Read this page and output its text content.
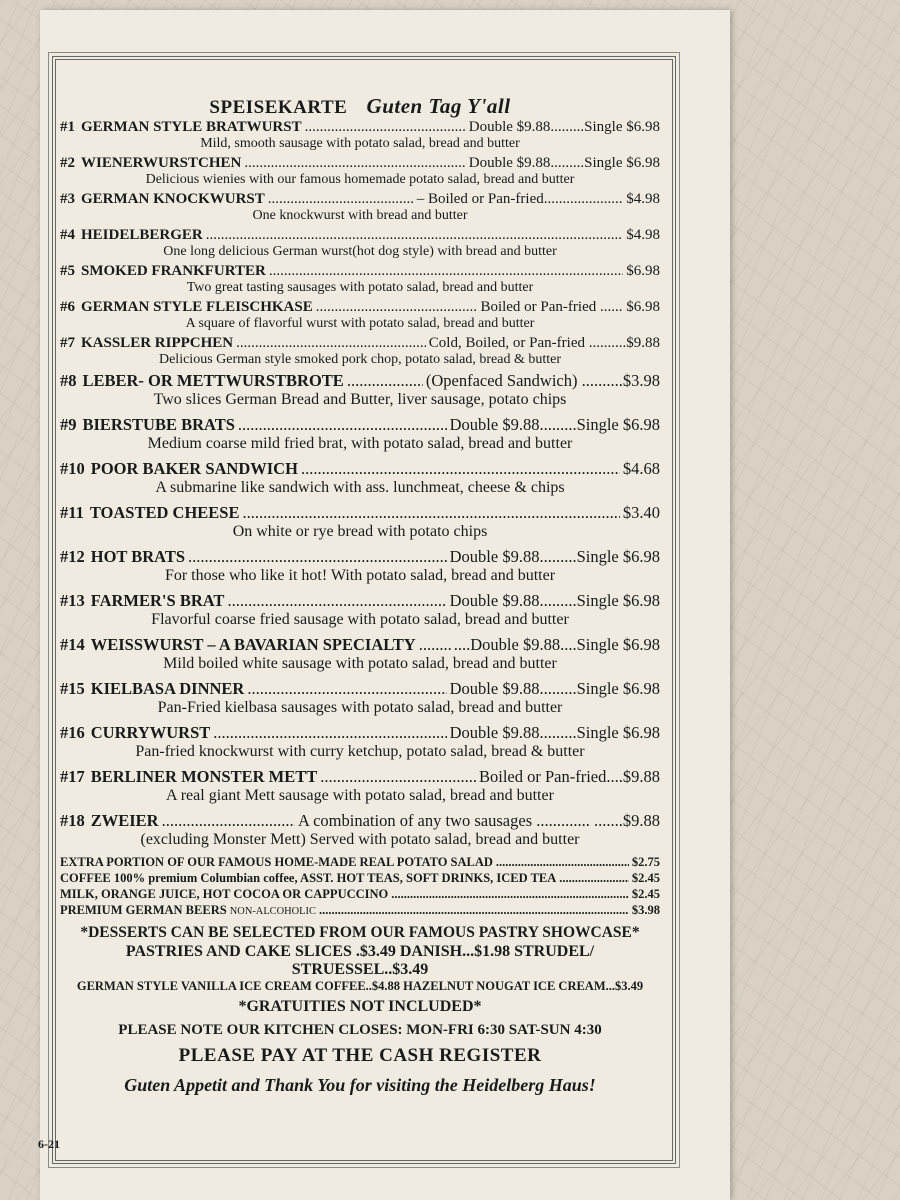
SPEISEKARTE Guten Tag Y'all
#1 GERMAN STYLE BRATWURST .....	Double $9.88.........Single $6.98
Mild, smooth sausage with potato salad, bread and butter
#2 WIENERWURSTCHEN .....	Double $9.88.........Single $6.98
Delicious wienies with our famous homemade potato salad, bread and butter
#3 GERMAN KNOCKWURST .....	– Boiled or Pan-fried..................... $4.98
One knockwurst with bread and butter
#4 HEIDELBERGER .....	$4.98
One long delicious German wurst(hot dog style) with bread and butter
#5 SMOKED FRANKFURTER .....	$6.98
Two great tasting sausages with potato salad, bread and butter
#6 GERMAN STYLE FLEISCHKASE .....	Boiled or Pan-fried ...... $6.98
A square of flavorful wurst with potato salad, bread and butter
#7 KASSLER RIPPCHEN .....	Cold, Boiled, or Pan-fried ..........$9.88
Delicious German style smoked pork chop, potato salad, bread & butter
#8 LEBER- OR METTWURSTBROTE .....	(Openfaced Sandwich) ..........$3.98
Two slices German Bread and Butter, liver sausage, potato chips
#9 BIERSTUBE BRATS .....	Double $9.88.........Single $6.98
Medium coarse mild fried brat, with potato salad, bread and butter
#10 POOR BAKER SANDWICH .....	$4.68
A submarine like sandwich with ass. lunchmeat, cheese & chips
#11 TOASTED CHEESE .....	$3.40
On white or rye bread with potato chips
#12 HOT BRATS .....	Double $9.88.........Single $6.98
For those who like it hot! With potato salad, bread and butter
#13 FARMER'S BRAT .....	Double $9.88.........Single $6.98
Flavorful coarse fried sausage with potato salad, bread and butter
#14 WEISSWURST – A BAVARIAN SPECIALTY ..... ....Double $9.88....Single $6.98
Mild boiled white sausage with potato salad, bread and butter
#15 KIELBASA DINNER .....	Double $9.88.........Single $6.98
Pan-Fried kielbasa sausages with potato salad, bread and butter
#16 CURRYWURST .....	Double $9.88.........Single $6.98
Pan-fried knockwurst with curry ketchup, potato salad, bread & butter
#17 BERLINER MONSTER METT .....	Boiled or Pan-fried....$9.88
A real giant Mett sausage with potato salad, bread and butter
#18 ZWEIER .....	A combination of any two sausages ............. .......$9.88
(excluding Monster Mett) Served with potato salad, bread and butter
EXTRA PORTION OF OUR FAMOUS HOME-MADE REAL POTATO SALAD .....	$2.75
COFFEE 100% premium Columbian coffee, ASST. HOT TEAS, SOFT DRINKS, ICED TEA .....	$2.45
MILK, ORANGE JUICE, HOT COCOA OR CAPPUCCINO .....	$2.45
PREMIUM GERMAN BEERS NON-ALCOHOLIC .....	$3.98
*DESSERTS CAN BE SELECTED FROM OUR FAMOUS PASTRY SHOWCASE*
PASTRIES AND CAKE SLICES .$3.49 DANISH...$1.98 STRUDEL/ STRUESSEL..$3.49
GERMAN STYLE VANILLA ICE CREAM COFFEE..$4.88 HAZELNUT NOUGAT ICE CREAM...$3.49
*GRATUITIES NOT INCLUDED*
PLEASE NOTE OUR KITCHEN CLOSES: MON-FRI 6:30 SAT-SUN 4:30
PLEASE PAY AT THE CASH REGISTER
Guten Appetit and Thank You for visiting the Heidelberg Haus!
6-21
